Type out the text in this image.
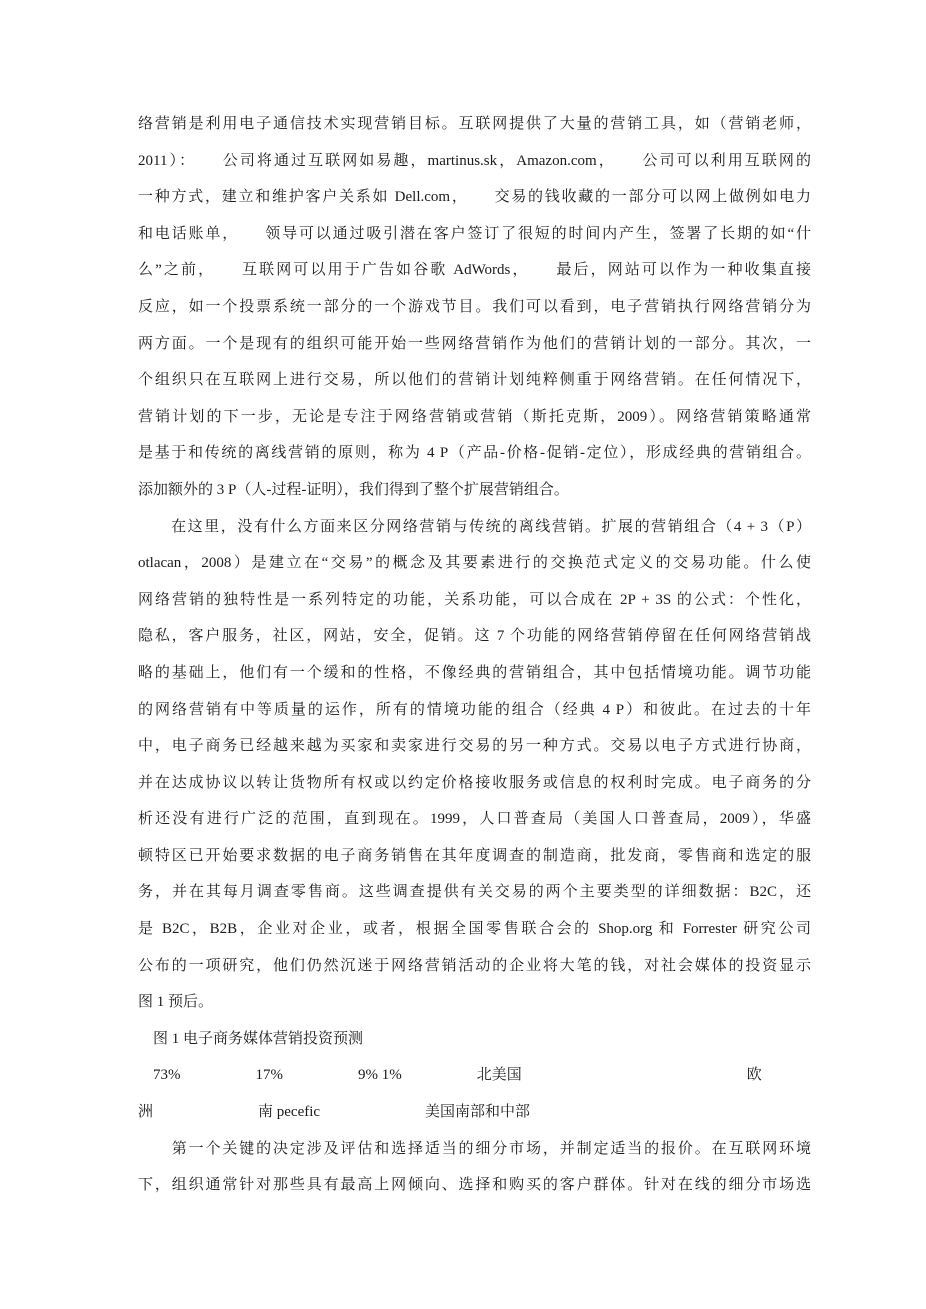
络营销是利用电子通信技术实现营销目标。互联网提供了大量的营销工具，如（营销老师，
2011）：　　公司将通过互联网如易趣，martinus.sk，Amazon.com，　　公司可以利用互联网的
一种方式，建立和维护客户关系如 Dell.com，　　交易的钱收藏的一部分可以网上做例如电力
和电话账单，　　领导可以通过吸引潜在客户签订了很短的时间内产生，签署了长期的如“什
么”之前，　　互联网可以用于广告如谷歌 AdWords，　　最后，网站可以作为一种收集直接
反应，如一个投票系统一部分的一个游戏节目。我们可以看到，电子营销执行网络营销分为
两方面。一个是现有的组织可能开始一些网络营销作为他们的营销计划的一部分。其次，一
个组织只在互联网上进行交易，所以他们的营销计划纯粹侧重于网络营销。在任何情况下，
营销计划的下一步，无论是专注于网络营销或营销（斯托克斯，2009）。网络营销策略通常
是基于和传统的离线营销的原则，称为 4 P（产品-价格-促销-定位），形成经典的营销组合。
添加额外的 3 P（人-过程-证明），我们得到了整个扩展营销组合。
　　在这里，没有什么方面来区分网络营销与传统的离线营销。扩展的营销组合（4 + 3（P）
otlacan，2008）是建立在“交易”的概念及其要素进行的交换范式定义的交易功能。什么使
网络营销的独特性是一系列特定的功能，关系功能，可以合成在 2P + 3S 的公式：个性化，
隐私，客户服务，社区，网站，安全，促销。这 7 个功能的网络营销停留在任何网络营销战
略的基础上，他们有一个缓和的性格，不像经典的营销组合，其中包括情境功能。调节功能
的网络营销有中等质量的运作，所有的情境功能的组合（经典 4 P）和彼此。在过去的十年
中，电子商务已经越来越为买家和卖家进行交易的另一种方式。交易以电子方式进行协商，
并在达成协议以转让货物所有权或以约定价格接收服务或信息的权利时完成。电子商务的分
析还没有进行广泛的范围，直到现在。1999，人口普查局（美国人口普查局，2009），华盛
顿特区已开始要求数据的电子商务销售在其年度调查的制造商，批发商，零售商和选定的服
务，并在其每月调查零售商。这些调查提供有关交易的两个主要类型的详细数据：B2C，还
是 B2C，B2B，企业对企业，或者，根据全国零售联合会的 Shop.org 和 Forrester 研究公司
公布的一项研究，他们仍然沉迷于网络营销活动的企业将大笔的钱，对社会媒体的投资显示
图 1 预后。
　图 1 电子商务媒体营销投资预测
　73%　　　　　17%　　　　　9% 1%　　　　　北美国　　　　　　　　　　　　　　　欧
洲　　　　　　　南 pecefic　　　　　　　美国南部和中部
　　第一个关键的决定涉及评估和选择适当的细分市场，并制定适当的报价。在互联网环境
下，组织通常针对那些具有最高上网倾向、选择和购买的客户群体。针对在线的细分市场选
